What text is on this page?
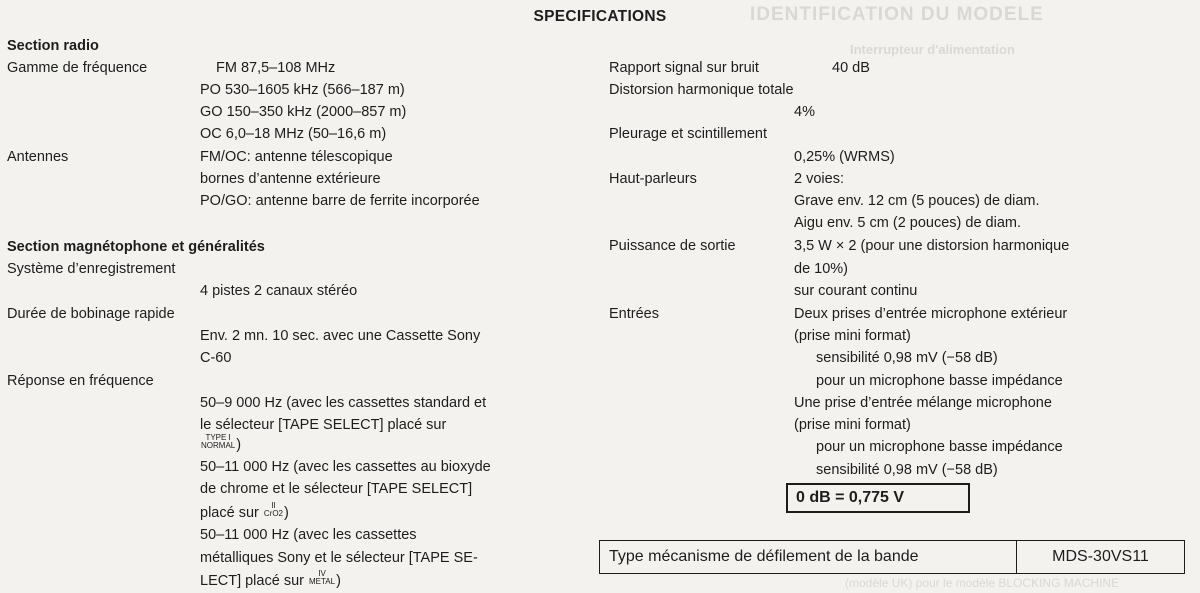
IDENTIFICATION DU MODELE
Interrupteur d'alimentation
(modèle UK) pour le modèle BLOCKING MACHINE
SPECIFICATIONS
Section radio
Gamme de fréquence	FM 87,5–108 MHz
PO 530–1605 kHz (566–187 m)
GO 150–350 kHz (2000–857 m)
OC 6,0–18 MHz (50–16,6 m)
Antennes	FM/OC: antenne télescopique
bornes d’antenne extérieure
PO/GO: antenne barre de ferrite incorporée
Section magnétophone et généralités
Système d’enregistrement
4 pistes 2 canaux stéréo
Durée de bobinage rapide
Env. 2 mn. 10 sec. avec une Cassette Sony
C-60
Réponse en fréquence
50–9 000 Hz (avec les cassettes standard et
le sélecteur [TAPE SELECT] placé sur
TYPE I
NORMAL )
50–11 000 Hz (avec les cassettes au bioxyde
de chrome et le sélecteur [TAPE SELECT]
placé sur	II
CrO2 )
50–11 000 Hz (avec les cassettes
métalliques Sony et le sélecteur [TAPE SE-
LECT] placé sur	IV
METAL )
Rapport signal sur bruit	40 dB
Distorsion harmonique totale
4%
Pleurage et scintillement
0,25% (WRMS)
Haut-parleurs	2 voies:
Grave env. 12 cm (5 pouces) de diam.
Aigu env. 5 cm (2 pouces) de diam.
Puissance de sortie	3,5 W × 2 (pour une distorsion harmonique
de 10%)
sur courant continu
Entrées	Deux prises d’entrée microphone extérieur
(prise mini format)
sensibilité 0,98 mV (−58 dB)
pour un microphone basse impédance
Une prise d’entrée mélange microphone
(prise mini format)
pour un microphone basse impédance
sensibilité 0,98 mV (−58 dB)
0 dB = 0,775 V
Type mécanisme de défilement de la bande	MDS-30VS11
